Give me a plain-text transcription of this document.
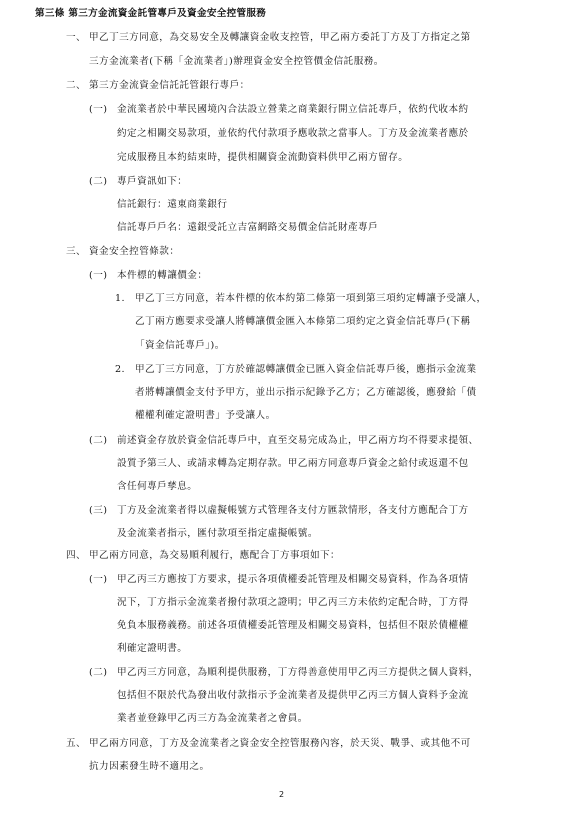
第三條 第三方金流資金託管專戶及資金安全控管服務
一、 甲乙丁三方同意，為交易安全及轉讓資金收支控管，甲乙兩方委託丁方及丁方指定之第
三方金流業者(下稱「金流業者」)辦理資金安全控管價金信託服務。
二、 第三方金流資金信託託管銀行專戶：
(一) 金流業者於中華民國境內合法設立營業之商業銀行開立信託專戶，依約代收本約
約定之相關交易款項，並依約代付款項予應收款之當事人。丁方及金流業者應於
完成服務且本約結束時，提供相關資金流動資料供甲乙兩方留存。
(二) 專戶資訊如下：
信託銀行：遠東商業銀行
信託專戶戶名：遠銀受託立吉富網路交易價金信託財產專戶
三、 資金安全控管條款：
(一) 本件標的轉讓價金：
1. 甲乙丁三方同意，若本件標的依本約第二條第一項到第三項約定轉讓予受讓人，
乙丁兩方應要求受讓人將轉讓價金匯入本條第二項約定之資金信託專戶(下稱
「資金信託專戶」)。
2. 甲乙丁三方同意，丁方於確認轉讓價金已匯入資金信託專戶後，應指示金流業
者將轉讓價金支付予甲方，並出示指示紀錄予乙方；乙方確認後，應發給「債
權權利確定證明書」予受讓人。
(二) 前述資金存放於資金信託專戶中，直至交易完成為止，甲乙兩方均不得要求提領、
設質予第三人、或請求轉為定期存款。甲乙兩方同意專戶資金之給付或返還不包
含任何專戶孳息。
(三) 丁方及金流業者得以虛擬帳號方式管理各支付方匯款情形，各支付方應配合丁方
及金流業者指示，匯付款項至指定虛擬帳號。
四、 甲乙兩方同意，為交易順利履行，應配合丁方事項如下：
(一) 甲乙丙三方應按丁方要求，提示各項債權委託管理及相關交易資料，作為各項情
況下，丁方指示金流業者撥付款項之證明；甲乙丙三方未依約定配合時，丁方得
免負本服務義務。前述各項債權委託管理及相關交易資料，包括但不限於債權權
利確定證明書。
(二) 甲乙丙三方同意，為順利提供服務，丁方得善意使用甲乙丙三方提供之個人資料，
包括但不限於代為發出收付款指示予金流業者及提供甲乙丙三方個人資料予金流
業者並登錄甲乙丙三方為金流業者之會員。
五、 甲乙兩方同意，丁方及金流業者之資金安全控管服務內容，於天災、戰爭、或其他不可
抗力因素發生時不適用之。
2
